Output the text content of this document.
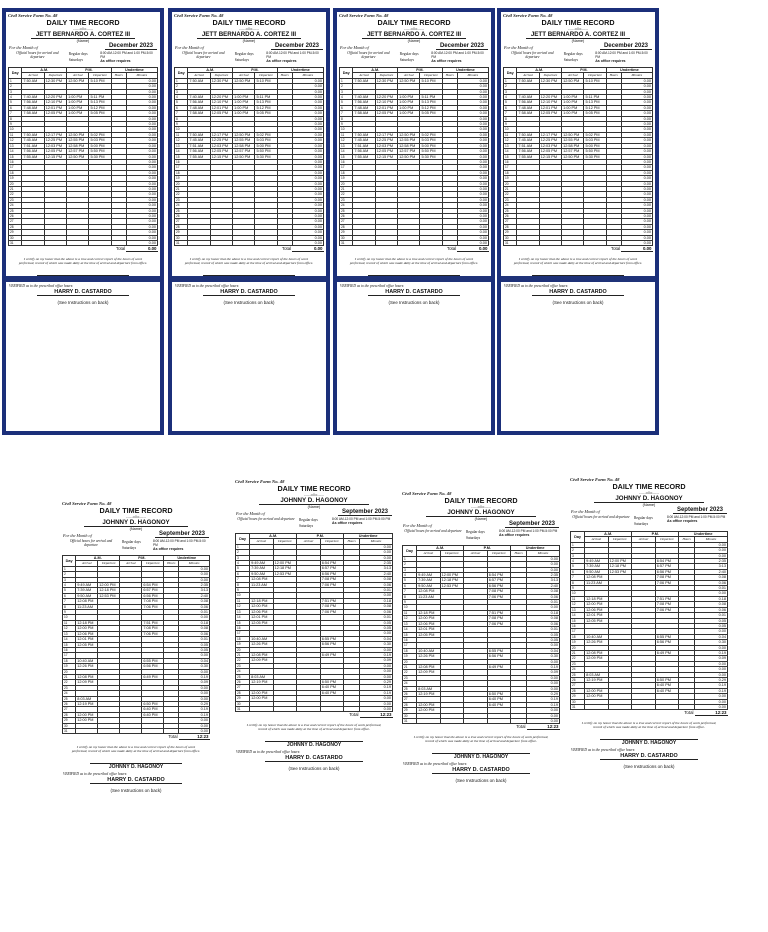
Civil Service Form No. 48
DAILY TIME RECORD
-----o0o-----
JETT BERNARDO A. CORTEZ III
(Name)
For the Month of	December 2023
Official hours for arrival and departure
Regular days
Saturdays
8:00 AM-12:00 PM and 1:00 PM-5:00 PM
As office requires
Day	A.M.		P.M.		Undertime	
	Arrival	Departure	Arrival	Departure	Hours	Minutes
1	7:50 AM	12:30 PM	12:50 PM	5:10 PM		0.00
2						0.00
3						0.00
4	7:40 AM	12:20 PM	1:00 PM	5:11 PM		0.00
5	7:56 AM	12:10 PM	1:00 PM	5:13 PM		0.00
6	7:48 AM	12:01 PM	1:00 PM	5:12 PM		0.00
7	7:58 AM	12:05 PM	1:00 PM	5:05 PM		0.00
8						0.00
9						0.00
10						0.00
11	7:50 AM	12:17 PM	12:50 PM	5:02 PM		0.00
12	7:45 AM	12:25 PM	12:55 PM	5:03 PM		0.00
13	7:51 AM	12:03 PM	12:58 PM	5:00 PM		0.00
14	7:56 AM	12:05 PM	12:57 PM	5:50 PM		0.00
15	7:55 AM	12:15 PM	12:50 PM	5:30 PM		0.00
16						0.00
17						0.00
18						0.00
19						0.00
20						0.00
21						0.00
22						0.00
23						0.00
24						0.00
25						0.00
26						0.00
27						0.00
28						0.00
29						0.00
30						0.00
31						0.00
Total						0.00
I certify on my honor that the above is a true and correct report of the hours of work performed, record of which was made daily at the time of arrival and departure from office.
JETT BERNARDO A. CORTEZ III
VERIFIED as to the prescribed office hours:
HARRY D. CASTARDO
(See Instructions on back)
Civil Service Form No. 48
DAILY TIME RECORD
-----o0o-----
JETT BERNARDO A. CORTEZ III
(Name)
For the Month of	December 2023
Official hours for arrival and departure
Regular days
Saturdays
8:00 AM-12:00 PM and 1:00 PM-5:00 PM
As office requires
Day	A.M.		P.M.		Undertime	
	Arrival	Departure	Arrival	Departure	Hours	Minutes
1	7:50 AM	12:30 PM	12:50 PM	5:10 PM		0.00
2						0.00
3						0.00
4	7:40 AM	12:20 PM	1:00 PM	5:11 PM		0.00
5	7:56 AM	12:10 PM	1:00 PM	5:13 PM		0.00
6	7:48 AM	12:01 PM	1:00 PM	5:12 PM		0.00
7	7:58 AM	12:05 PM	1:00 PM	5:05 PM		0.00
8						0.00
9						0.00
10						0.00
11	7:50 AM	12:17 PM	12:50 PM	5:02 PM		0.00
12	7:45 AM	12:25 PM	12:55 PM	5:03 PM		0.00
13	7:51 AM	12:03 PM	12:58 PM	5:00 PM		0.00
14	7:56 AM	12:05 PM	12:57 PM	5:50 PM		0.00
15	7:55 AM	12:15 PM	12:50 PM	5:30 PM		0.00
16						0.00
17						0.00
18						0.00
19						0.00
20						0.00
21						0.00
22						0.00
23						0.00
24						0.00
25						0.00
26						0.00
27						0.00
28						0.00
29						0.00
30						0.00
31						0.00
Total						0.00
I certify on my honor that the above is a true and correct report of the hours of work performed, record of which was made daily at the time of arrival and departure from office.
JETT BERNARDO A. CORTEZ III
VERIFIED as to the prescribed office hours:
HARRY D. CASTARDO
(See Instructions on back)
Civil Service Form No. 48
DAILY TIME RECORD
-----o0o-----
JETT BERNARDO A. CORTEZ III
(Name)
For the Month of	December 2023
Official hours for arrival and departure
Regular days
Saturdays
8:00 AM-12:00 PM and 1:00 PM-5:00 PM
As office requires
Day	A.M.		P.M.		Undertime	
	Arrival	Departure	Arrival	Departure	Hours	Minutes
1	7:50 AM	12:30 PM	12:50 PM	5:10 PM		0.00
2						0.00
3						0.00
4	7:40 AM	12:20 PM	1:00 PM	5:11 PM		0.00
5	7:56 AM	12:10 PM	1:00 PM	5:13 PM		0.00
6	7:48 AM	12:01 PM	1:00 PM	5:12 PM		0.00
7	7:58 AM	12:05 PM	1:00 PM	5:05 PM		0.00
8						0.00
9						0.00
10						0.00
11	7:50 AM	12:17 PM	12:50 PM	5:02 PM		0.00
12	7:45 AM	12:25 PM	12:55 PM	5:03 PM		0.00
13	7:51 AM	12:03 PM	12:58 PM	5:00 PM		0.00
14	7:56 AM	12:05 PM	12:57 PM	5:50 PM		0.00
15	7:55 AM	12:15 PM	12:50 PM	5:30 PM		0.00
16						0.00
17						0.00
18						0.00
19						0.00
20						0.00
21						0.00
22						0.00
23						0.00
24						0.00
25						0.00
26						0.00
27						0.00
28						0.00
29						0.00
30						0.00
31						0.00
Total						0.00
I certify on my honor that the above is a true and correct report of the hours of work performed, record of which was made daily at the time of arrival and departure from office.
JETT BERNARDO A. CORTEZ III
VERIFIED as to the prescribed office hours:
HARRY D. CASTARDO
(See Instructions on back)
Civil Service Form No. 48
DAILY TIME RECORD
-----o0o-----
JETT BERNARDO A. CORTEZ III
(Name)
For the Month of	December 2023
Official hours for arrival and departure
Regular days
Saturdays
8:00 AM-12:00 PM and 1:00 PM-5:00 PM
As office requires
Day	A.M.		P.M.		Undertime	
	Arrival	Departure	Arrival	Departure	Hours	Minutes
1	7:50 AM	12:30 PM	12:50 PM	5:10 PM		0.00
2						0.00
3						0.00
4	7:40 AM	12:20 PM	1:00 PM	5:11 PM		0.00
5	7:56 AM	12:10 PM	1:00 PM	5:13 PM		0.00
6	7:48 AM	12:01 PM	1:00 PM	5:12 PM		0.00
7	7:58 AM	12:05 PM	1:00 PM	5:05 PM		0.00
8						0.00
9						0.00
10						0.00
11	7:50 AM	12:17 PM	12:50 PM	5:02 PM		0.00
12	7:45 AM	12:25 PM	12:55 PM	5:03 PM		0.00
13	7:51 AM	12:03 PM	12:58 PM	5:00 PM		0.00
14	7:56 AM	12:05 PM	12:57 PM	5:50 PM		0.00
15	7:55 AM	12:15 PM	12:50 PM	5:30 PM		0.00
16						0.00
17						0.00
18						0.00
19						0.00
20						0.00
21						0.00
22						0.00
23						0.00
24						0.00
25						0.00
26						0.00
27						0.00
28						0.00
29						0.00
30						0.00
31						0.00
Total						0.00
I certify on my honor that the above is a true and correct report of the hours of work performed, record of which was made daily at the time of arrival and departure from office.
JETT BERNARDO A. CORTEZ III
VERIFIED as to the prescribed office hours:
HARRY D. CASTARDO
(See Instructions on back)
Civil Service Form No. 48
DAILY TIME RECORD
-----o0o-----
JOHNNY D. HAGONOY
(Name)
For the Month of	September 2023
Official hours for arrival and departure
Regular days
Saturdays
8:00 AM-12:00 PM and 1:00 PM-5:00 PM
As office requires
Day	A.M.		P.M.		Undertime	
	Arrival	Departure	Arrival	Departure	Hours	Minutes
1						0.00
2						0.00
3						0.00
4	9:49 AM	12:00 PM		6:54 PM		2:35
5	7:39 AM	12:18 PM		6:57 PM		3:13
6	9:50 AM	12:53 PM		6:56 PM		2:40
7	12:08 PM			7:08 PM		0.08
8	11:23 AM			7:06 PM		0.06
9						0.01
10						0.00
11	12:18 PM			7:51 PM		0.18
12	12:00 PM			7:08 PM		0.08
13	12:06 PM			7:06 PM		0.06
14	12:01 PM					0.01
15	12:05 PM					0.05
16						0.05
17						0.00
18	10:40 AM			6:55 PM		0.04
19	12:26 PM			6:56 PM		0.30
20						0.00
21	12:08 PM			6:49 PM		0.19
22	12:09 PM					0.09
23						0.00
24						0.00
25	8:03 AM					0.00
26	12:19 PM			6:50 PM		0.29
27				6:40 PM		0.19
28	12:00 PM			6:40 PM		0.19
29	12:00 PM					0.00
30						0.00
31						0.00
Total						12:23
I certify on my honor that the above is a true and correct report of the hours of work performed, record of which was made daily at the time of arrival and departure from office.
JOHNNY D. HAGONOY
VERIFIED as to the prescribed office hours:
HARRY D. CASTARDO
(See Instructions on back)
Civil Service Form No. 48
DAILY TIME RECORD
-----o0o-----
JOHNNY D. HAGONOY
(Name)
For the Month of	September 2023
Official hours for arrival and departure	Regular days
Saturdays
8:00 AM-12:00 PM and 1:00 PM-5:00 PM
As office requires
Day	A.M.		P.M.		Undertime	
	Arrival	Departure	Arrival	Departure	Hours	Minutes
1						0.00
2						0.00
3						0.00
4	9:49 AM	12:00 PM		6:54 PM		2:35
5	7:39 AM	12:18 PM		6:57 PM		3:13
6	9:50 AM	12:53 PM		6:56 PM		2:40
7	12:08 PM			7:08 PM		0.08
8	11:23 AM			7:06 PM		0.06
9						0.01
10						0.00
11	12:18 PM			7:51 PM		0.18
12	12:00 PM			7:08 PM		0.08
13	12:06 PM			7:06 PM		0.06
14	12:01 PM					0.01
15	12:05 PM					0.05
16						0.05
17						0.00
18	10:40 AM			6:55 PM		0.04
19	12:26 PM			6:56 PM		0.30
20						0.00
21	12:08 PM			6:49 PM		0.19
22	12:09 PM					0.09
23						0.00
24						0.00
25	8:03 AM					0.00
26	12:19 PM			6:50 PM		0.29
27				6:40 PM		0.19
28	12:00 PM			6:40 PM		0.19
29	12:00 PM					0.00
30						0.00
31						0.00
Total						12:23
I certify on my honor that the above is a true and correct report of the hours of work performed, record of which was made daily at the time of arrival and departure from office.
JOHNNY D. HAGONOY
VERIFIED as to the prescribed office hours:
HARRY D. CASTARDO
(See Instructions on back)
Civil Service Form No. 48
DAILY TIME RECORD
-----o0o-----
JOHNNY D. HAGONOY
(Name)
For the Month of	September 2023
Official hours for arrival and departure	Regular days
Saturdays
8:00 AM-12:00 PM and 1:00 PM-5:00 PM
As office requires
Day	A.M.		P.M.		Undertime	
	Arrival	Departure	Arrival	Departure	Hours	Minutes
1						0.00
2						0.00
3						0.00
4	9:49 AM	12:00 PM		6:54 PM		2:35
5	7:39 AM	12:18 PM		6:57 PM		3:13
6	9:50 AM	12:53 PM		6:56 PM		2:40
7	12:08 PM			7:08 PM		0.08
8	11:23 AM			7:06 PM		0.06
9						0.01
10						0.00
11	12:18 PM			7:51 PM		0.18
12	12:00 PM			7:08 PM		0.08
13	12:06 PM			7:06 PM		0.06
14	12:01 PM					0.01
15	12:05 PM					0.05
16						0.05
17						0.00
18	10:40 AM			6:55 PM		0.04
19	12:26 PM			6:56 PM		0.30
20						0.00
21	12:08 PM			6:49 PM		0.19
22	12:09 PM					0.09
23						0.00
24						0.00
25	8:03 AM					0.00
26	12:19 PM			6:50 PM		0.29
27				6:40 PM		0.19
28	12:00 PM			6:40 PM		0.19
29	12:00 PM					0.00
30						0.00
31						0.00
Total						12:23
I certify on my honor that the above is a true and correct report of the hours of work performed, record of which was made daily at the time of arrival and departure from office.
JOHNNY D. HAGONOY
VERIFIED as to the prescribed office hours:
HARRY D. CASTARDO
(See Instructions on back)
Civil Service Form No. 48
DAILY TIME RECORD
-----o0o-----
JOHNNY D. HAGONOY
(Name)
For the Month of	September 2023
Official hours for arrival and departure	Regular days
Saturdays
8:00 AM-12:00 PM and 1:00 PM-5:00 PM
As office requires
Day	A.M.		P.M.		Undertime	
	Arrival	Departure	Arrival	Departure	Hours	Minutes
1						0.00
2						0.00
3						0.00
4	9:49 AM	12:00 PM		6:54 PM		2:35
5	7:39 AM	12:18 PM		6:57 PM		3:13
6	9:50 AM	12:53 PM		6:56 PM		2:40
7	12:08 PM			7:08 PM		0.08
8	11:23 AM			7:06 PM		0.06
9						0.01
10						0.00
11	12:18 PM			7:51 PM		0.18
12	12:00 PM			7:08 PM		0.08
13	12:06 PM			7:06 PM		0.06
14	12:01 PM					0.01
15	12:05 PM					0.05
16						0.05
17						0.00
18	10:40 AM			6:55 PM		0.04
19	12:26 PM			6:56 PM		0.30
20						0.00
21	12:08 PM			6:49 PM		0.19
22	12:09 PM					0.09
23						0.00
24						0.00
25	8:03 AM					0.00
26	12:19 PM			6:50 PM		0.29
27				6:40 PM		0.19
28	12:00 PM			6:40 PM		0.19
29	12:00 PM					0.00
30						0.00
31						0.00
Total						12:23
I certify on my honor that the above is a true and correct report of the hours of work performed, record of which was made daily at the time of arrival and departure from office.
JOHNNY D. HAGONOY
VERIFIED as to the prescribed office hours:
HARRY D. CASTARDO
(See Instructions on back)
